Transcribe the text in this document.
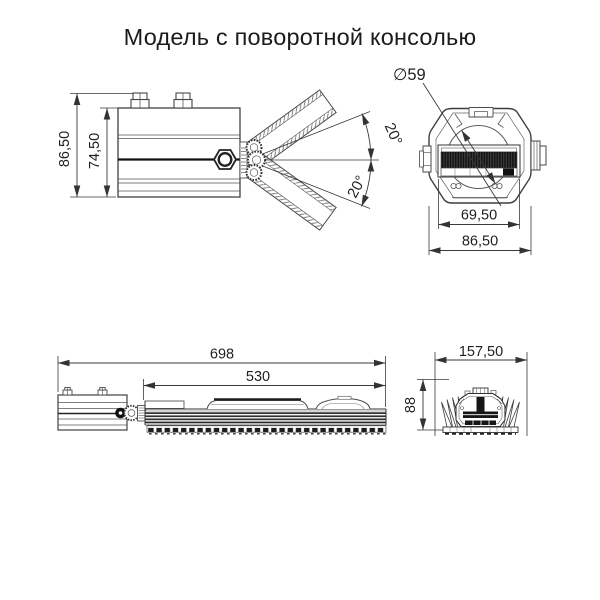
Модель с поворотной консолью
20°
20°
86,50 74,50
∅59
69,50
86,50
698
530
157,50
88
